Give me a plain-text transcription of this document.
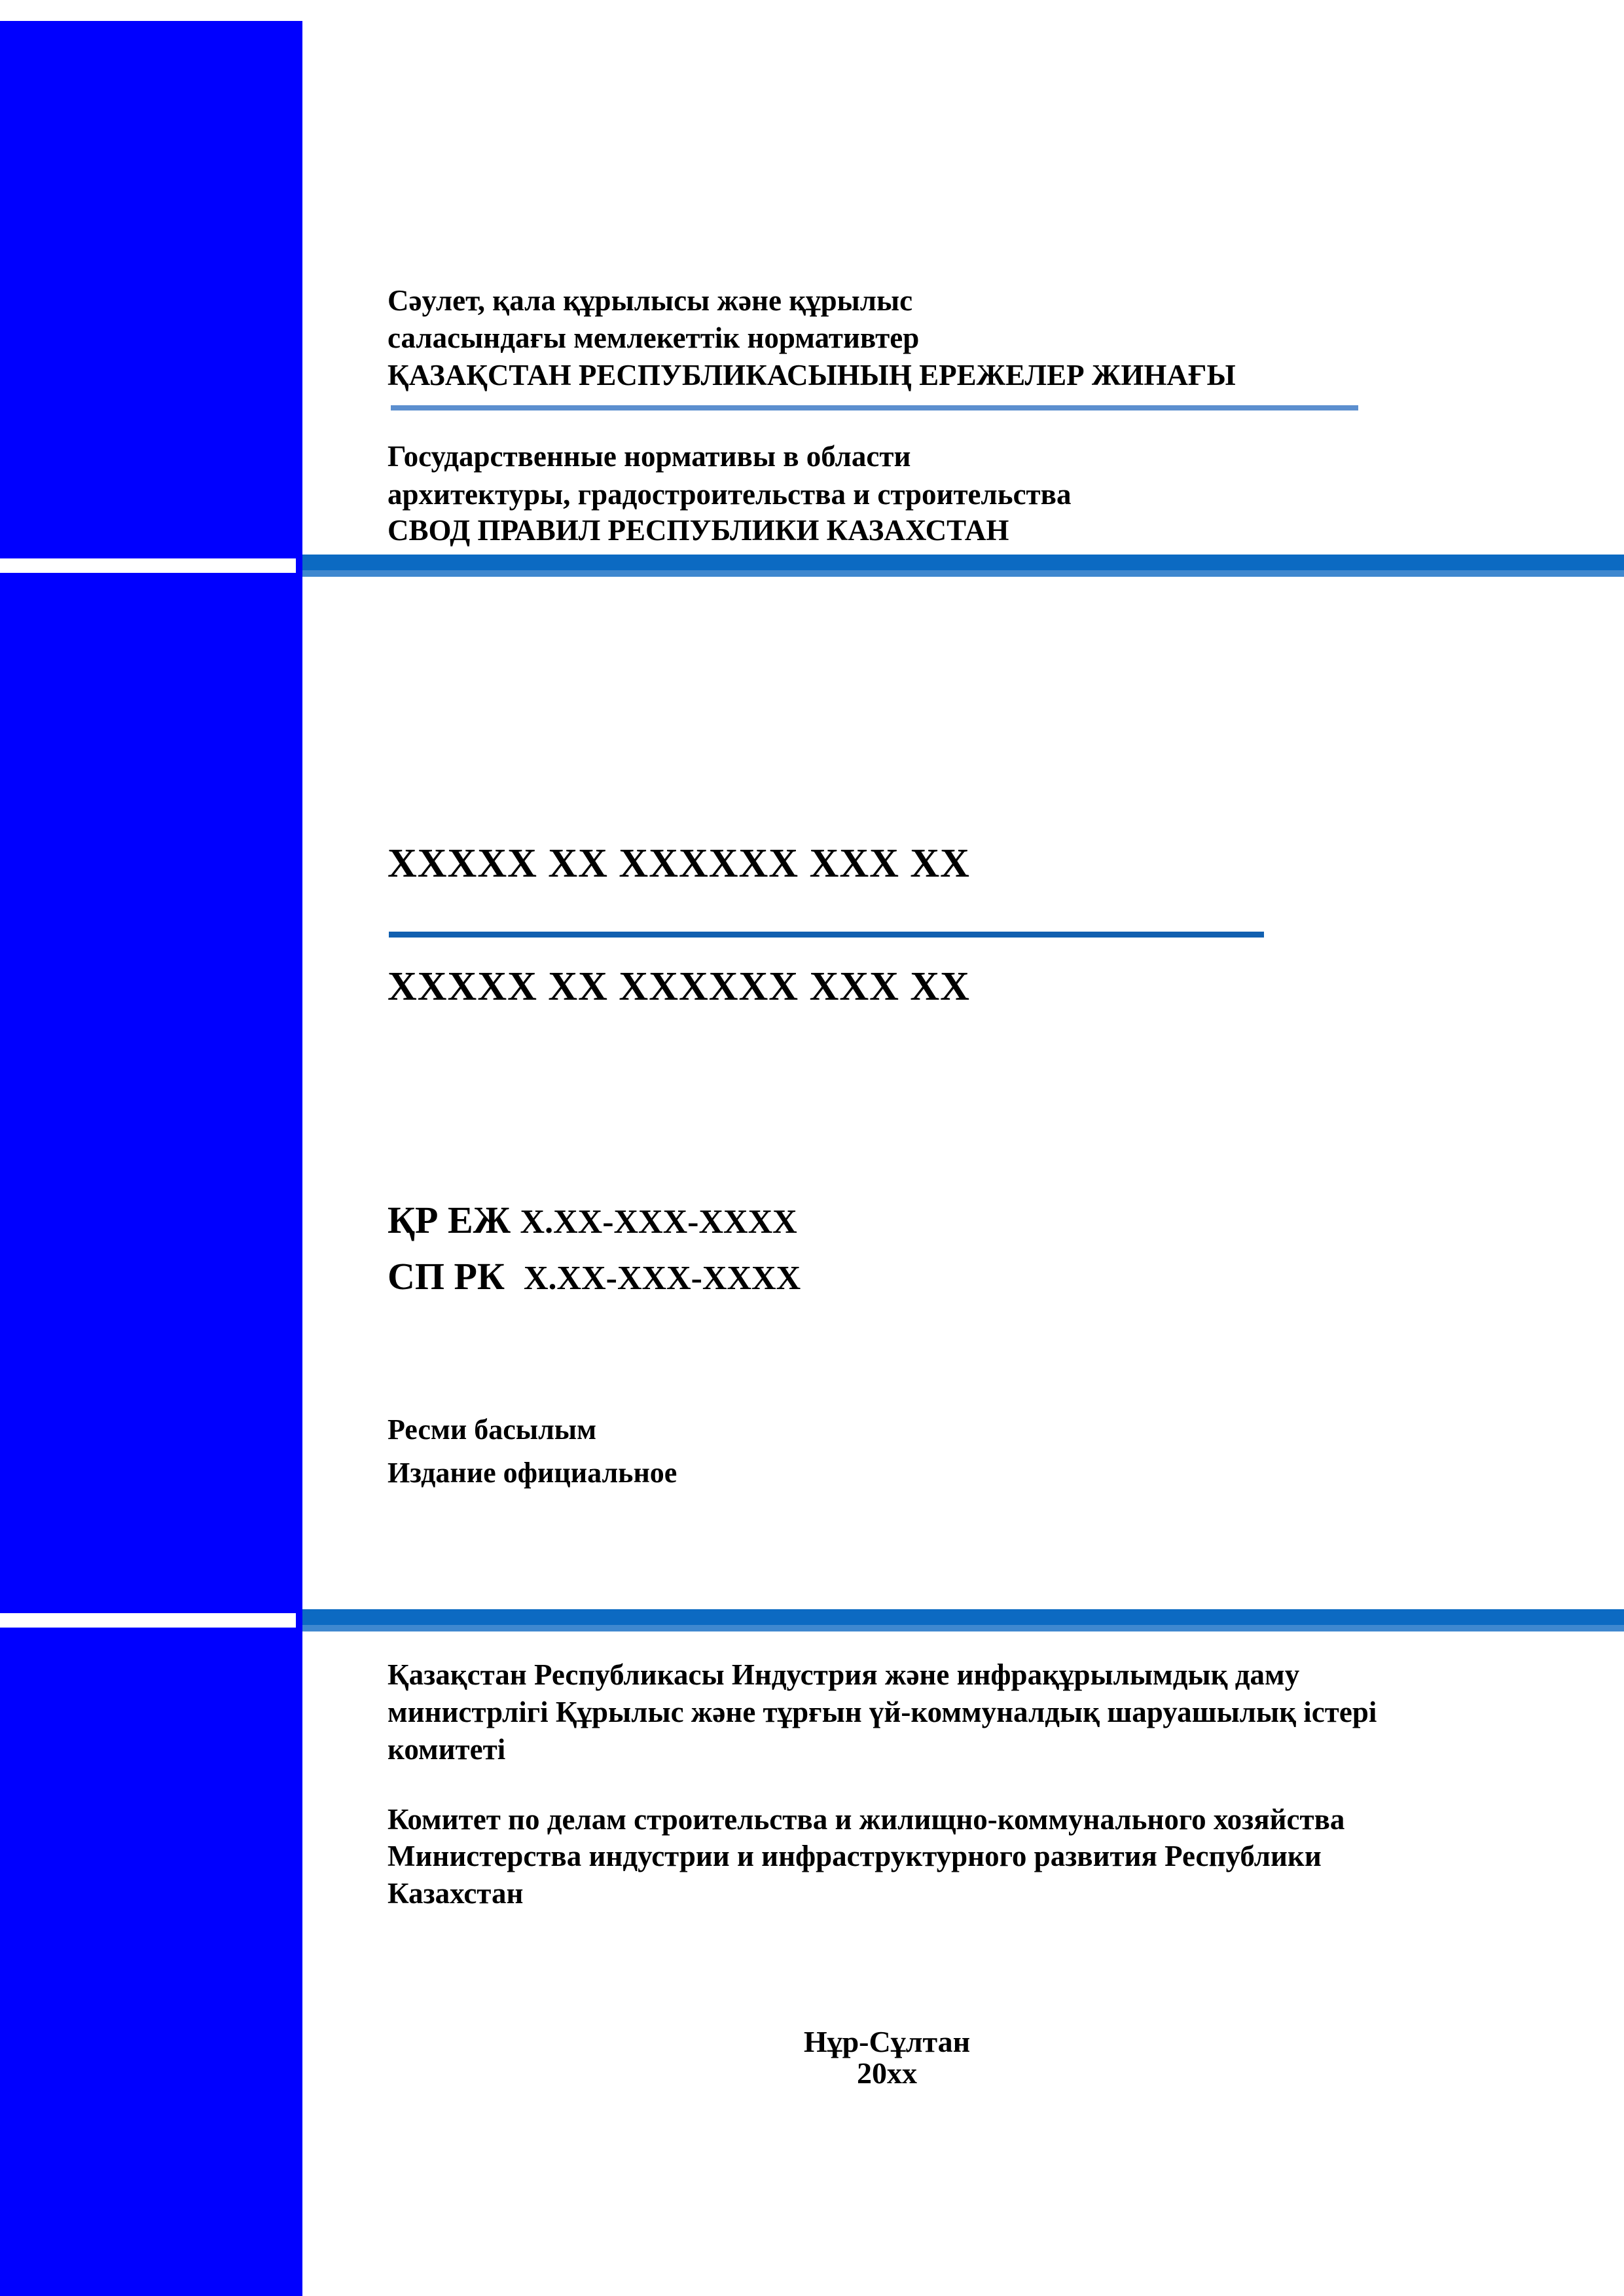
Сәулет, қала құрылысы және құрылыс
саласындағы мемлекеттік нормативтер
ҚАЗАҚСТАН РЕСПУБЛИКАСЫНЫҢ ЕРЕЖЕЛЕР ЖИНАҒЫ
Государственные нормативы в области
архитектуры, градостроительства и строительства
СВОД ПРАВИЛ РЕСПУБЛИКИ КАЗАХСТАН
XXXXX XX XXXXXX XXX XX
XXXXX XX XXXXXX XXX XX
ҚР ЕЖ Х.ХХ-ХХХ-ХХХХ
СП РК Х.ХХ-ХХХ-ХХХХ
Ресми басылым
Издание официальное
Қазақстан Республикасы Индустрия және инфрақұрылымдық даму
министрлігі Құрылыс және тұрғын үй-коммуналдық шаруашылық істері
комитеті
Комитет по делам строительства и жилищно-коммунального хозяйства
Министерства индустрии и инфраструктурного развития Республики
Казахстан
Нұр-Сұлтан
20хх
